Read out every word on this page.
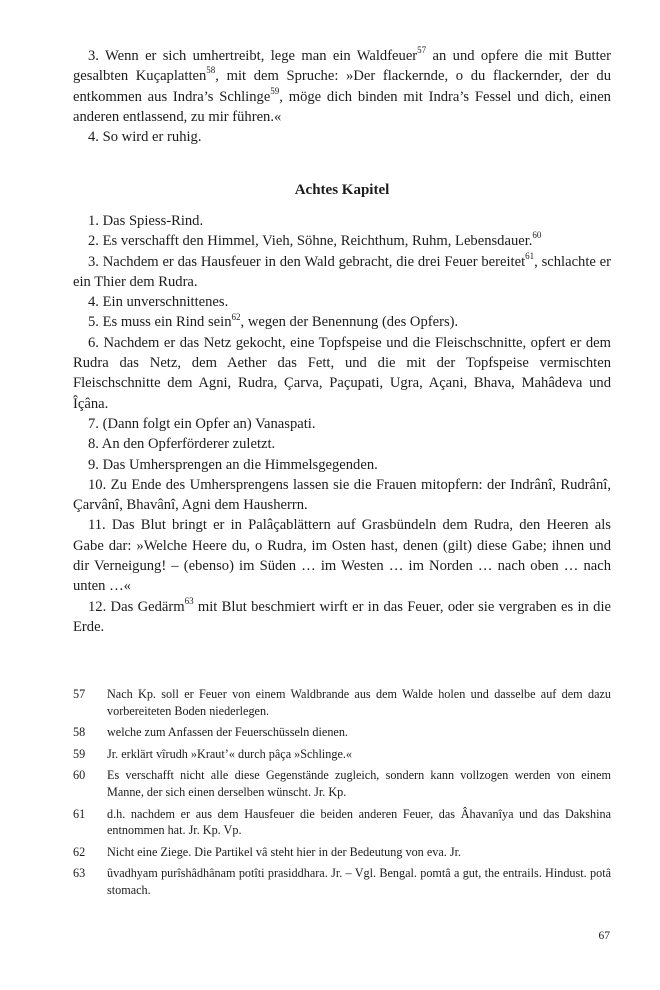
3. Wenn er sich umhertreibt, lege man ein Waldfeuer$^{57}$ an und opfere die mit Butter gesalbten Kuçaplatten$^{58}$, mit dem Spruche: »Der flackernde, o du flackernder, der du entkommen aus Indra’s Schlinge$^{59}$, möge dich binden mit Indra’s Fessel und dich, einen anderen entlassend, zu mir führen.«

4. So wird er ruhig.

Achtes Kapitel

1. Das Spiess-Rind.

2. Es verschafft den Himmel, Vieh, Söhne, Reichthum, Ruhm, Lebensdauer.$^{60}$

3. Nachdem er das Hausfeuer in den Wald gebracht, die drei Feuer bereitet$^{61}$, schlachte er ein Thier dem Rudra.

4. Ein unverschnittenes.

5. Es muss ein Rind sein$^{62}$, wegen der Benennung (des Opfers).

6. Nachdem er das Netz gekocht, eine Topfspeise und die Fleischschnitte, opfert er dem Rudra das Netz, dem Aether das Fett, und die mit der Topfspeise vermischten Fleischschnitte dem Agni, Rudra, Çarva, Paçupati, Ugra, Açani, Bhava, Mahâdeva und Îçâna.

7. (Dann folgt ein Opfer an) Vanaspati.

8. An den Opferförderer zuletzt.

9. Das Umhersprengen an die Himmelsgegenden.

10. Zu Ende des Umhersprengens lassen sie die Frauen mitopfern: der Indrânî, Rudrânî, Çarvânî, Bhavânî, Agni dem Hausherrn.

11. Das Blut bringt er in Palâçablättern auf Grasbündeln dem Rudra, den Heeren als Gabe dar: »Welche Heere du, o Rudra, im Osten hast, denen (gilt) diese Gabe; ihnen und dir Verneigung! – (ebenso) im Süden … im Westen … im Norden … nach oben … nach unten …«

12. Das Gedärm$^{63}$ mit Blut beschmiert wirft er in das Feuer, oder sie vergraben es in die Erde.

57	Nach Kp. soll er Feuer von einem Waldbrande aus dem Walde holen und dasselbe auf dem dazu vorbereiteten Boden niederlegen.
58	welche zum Anfassen der Feuerschüsseln dienen.
59	Jr. erklärt vîrudh »Kraut’« durch pâça »Schlinge.«
60	Es verschafft nicht alle diese Gegenstände zugleich, sondern kann vollzogen werden von einem Manne, der sich einen derselben wünscht. Jr. Kp.
61	d.h. nachdem er aus dem Hausfeuer die beiden anderen Feuer, das Âhavanîya und das Dakshina entnommen hat. Jr. Kp. Vp.
62	Nicht eine Ziege. Die Partikel vâ steht hier in der Bedeutung von eva. Jr.
63	ûvadhyam purîshâdhânam potîti prasiddhara. Jr. – Vgl. Bengal. pomtâ a gut, the entrails. Hindust. potâ stomach.
67
